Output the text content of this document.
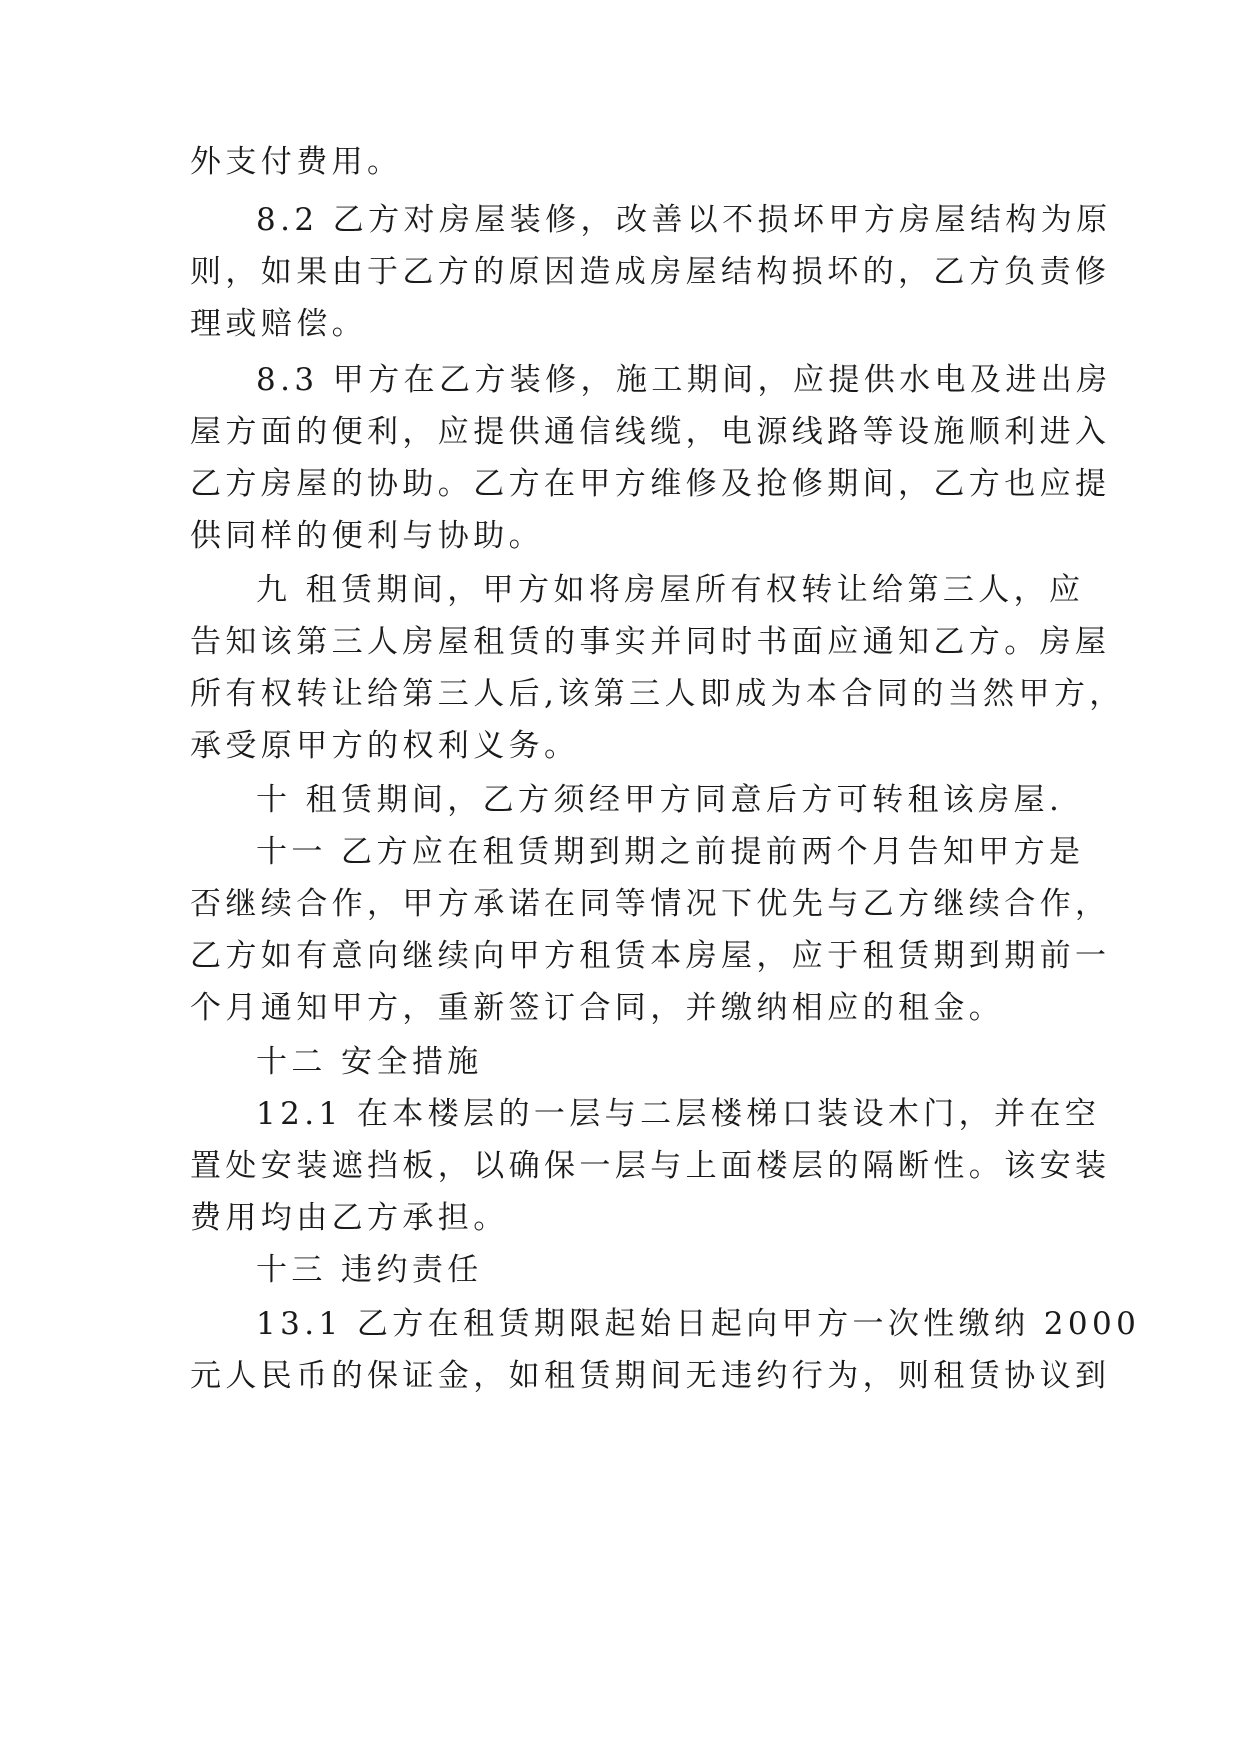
外支付费用。
8.2 乙方对房屋装修，改善以不损坏甲方房屋结构为原
则，如果由于乙方的原因造成房屋结构损坏的，乙方负责修
理或赔偿。
8.3 甲方在乙方装修，施工期间，应提供水电及进出房
屋方面的便利，应提供通信线缆，电源线路等设施顺利进入
乙方房屋的协助。乙方在甲方维修及抢修期间，乙方也应提
供同样的便利与协助。
九 租赁期间，甲方如将房屋所有权转让给第三人，应
告知该第三人房屋租赁的事实并同时书面应通知乙方。房屋
所有权转让给第三人后,该第三人即成为本合同的当然甲方，
承受原甲方的权利义务。
十 租赁期间，乙方须经甲方同意后方可转租该房屋.
十一 乙方应在租赁期到期之前提前两个月告知甲方是
否继续合作，甲方承诺在同等情况下优先与乙方继续合作，
乙方如有意向继续向甲方租赁本房屋，应于租赁期到期前一
个月通知甲方，重新签订合同，并缴纳相应的租金。
十二 安全措施
12.1 在本楼层的一层与二层楼梯口装设木门，并在空
置处安装遮挡板，以确保一层与上面楼层的隔断性。该安装
费用均由乙方承担。
十三 违约责任
13.1 乙方在租赁期限起始日起向甲方一次性缴纳 2000
元人民币的保证金，如租赁期间无违约行为，则租赁协议到
